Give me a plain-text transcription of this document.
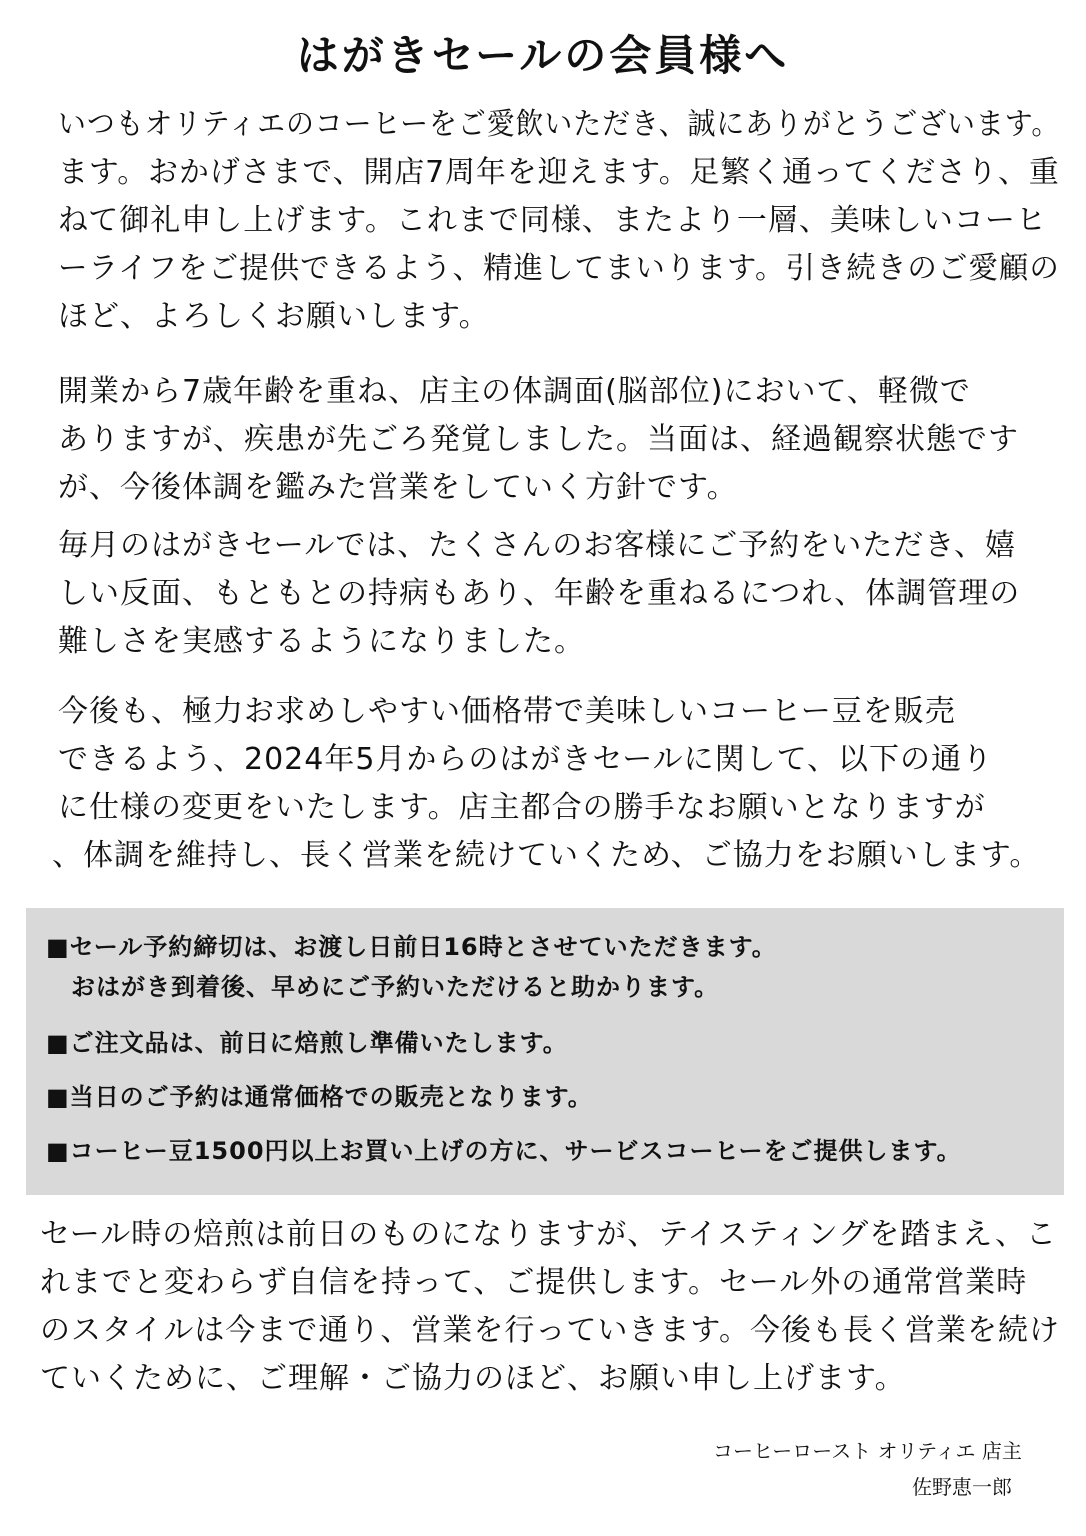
はがきセールの会員様へ
いつもオリティエのコーヒーをご愛飲いただき、誠にありがとうございます。
ます。おかげさまで、開店7周年を迎えます。足繁く通ってくださり、重
ねて御礼申し上げます。これまで同様、またより一層、美味しいコーヒ
ーライフをご提供できるよう、精進してまいります。引き続きのご愛顧の
ほど、よろしくお願いします。
開業から7歳年齢を重ね、店主の体調面(脳部位)において、軽微で
ありますが、疾患が先ごろ発覚しました。当面は、経過観察状態です
が、今後体調を鑑みた営業をしていく方針です。
毎月のはがきセールでは、たくさんのお客様にご予約をいただき、嬉
しい反面、もともとの持病もあり、年齢を重ねるにつれ、体調管理の
難しさを実感するようになりました。
今後も、極力お求めしやすい価格帯で美味しいコーヒー豆を販売
できるよう、2024年5月からのはがきセールに関して、以下の通り
に仕様の変更をいたします。店主都合の勝手なお願いとなりますが
、体調を維持し、長く営業を続けていくため、ご協力をお願いします。
■セール予約締切は、お渡し日前日16時とさせていただきます。
　おはがき到着後、早めにご予約いただけると助かります。
■ご注文品は、前日に焙煎し準備いたします。
■当日のご予約は通常価格での販売となります。
■コーヒー豆1500円以上お買い上げの方に、サービスコーヒーをご提供します。
セール時の焙煎は前日のものになりますが、テイスティングを踏まえ、こ
れまでと変わらず自信を持って、ご提供します。セール外の通常営業時
のスタイルは今まで通り、営業を行っていきます。今後も長く営業を続け
ていくために、ご理解・ご協力のほど、お願い申し上げます。
コーヒーロースト オリティエ 店主
佐野恵一郎
